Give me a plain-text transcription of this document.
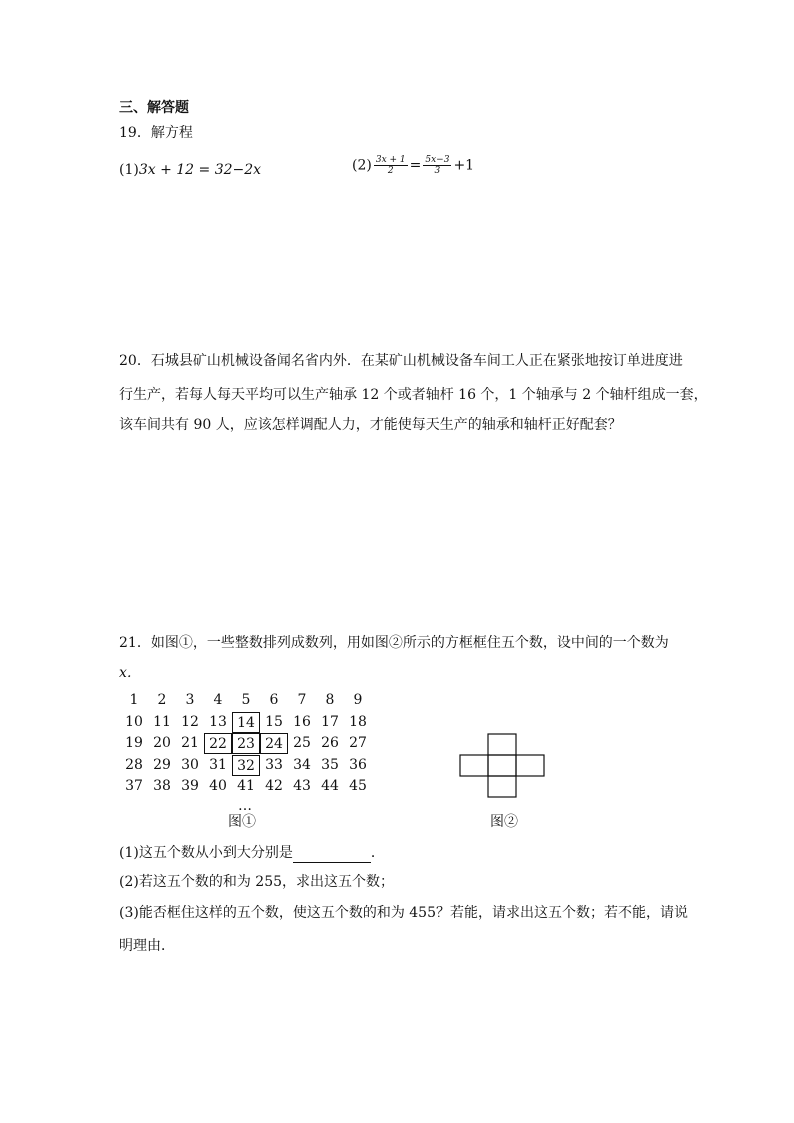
三、解答题
19．解方程
(1)3x + 12 = 32−2x	$(2) \frac{3x + 1}{2} = \frac{5x-3}{3} +1$
20．石城县矿山机械设备闻名省内外．在某矿山机械设备车间工人正在紧张地按订单进度进
行生产，若每人每天平均可以生产轴承 12 个或者轴杆 16 个，1 个轴承与 2 个轴杆组成一套，
该车间共有 90 人，应该怎样调配人力，才能使每天生产的轴承和轴杆正好配套？
21．如图①，一些整数排列成数列，用如图②所示的方框框住五个数，设中间的一个数为
x．
1	2	3	4	5	6	7	8	9
10 11 12 13 14 15 16 17 18
19 20 21 22 23 24 25 26 27
28 29 30 31 32 33 34 35 36
37 38 39 40 41 42 43 44 45
…
图①	图②
(1)这五个数从小到大分别是	．
(2)若这五个数的和为 255，求出这五个数；
(3)能否框住这样的五个数，使这五个数的和为 455？若能，请求出这五个数；若不能，请说
明理由．
